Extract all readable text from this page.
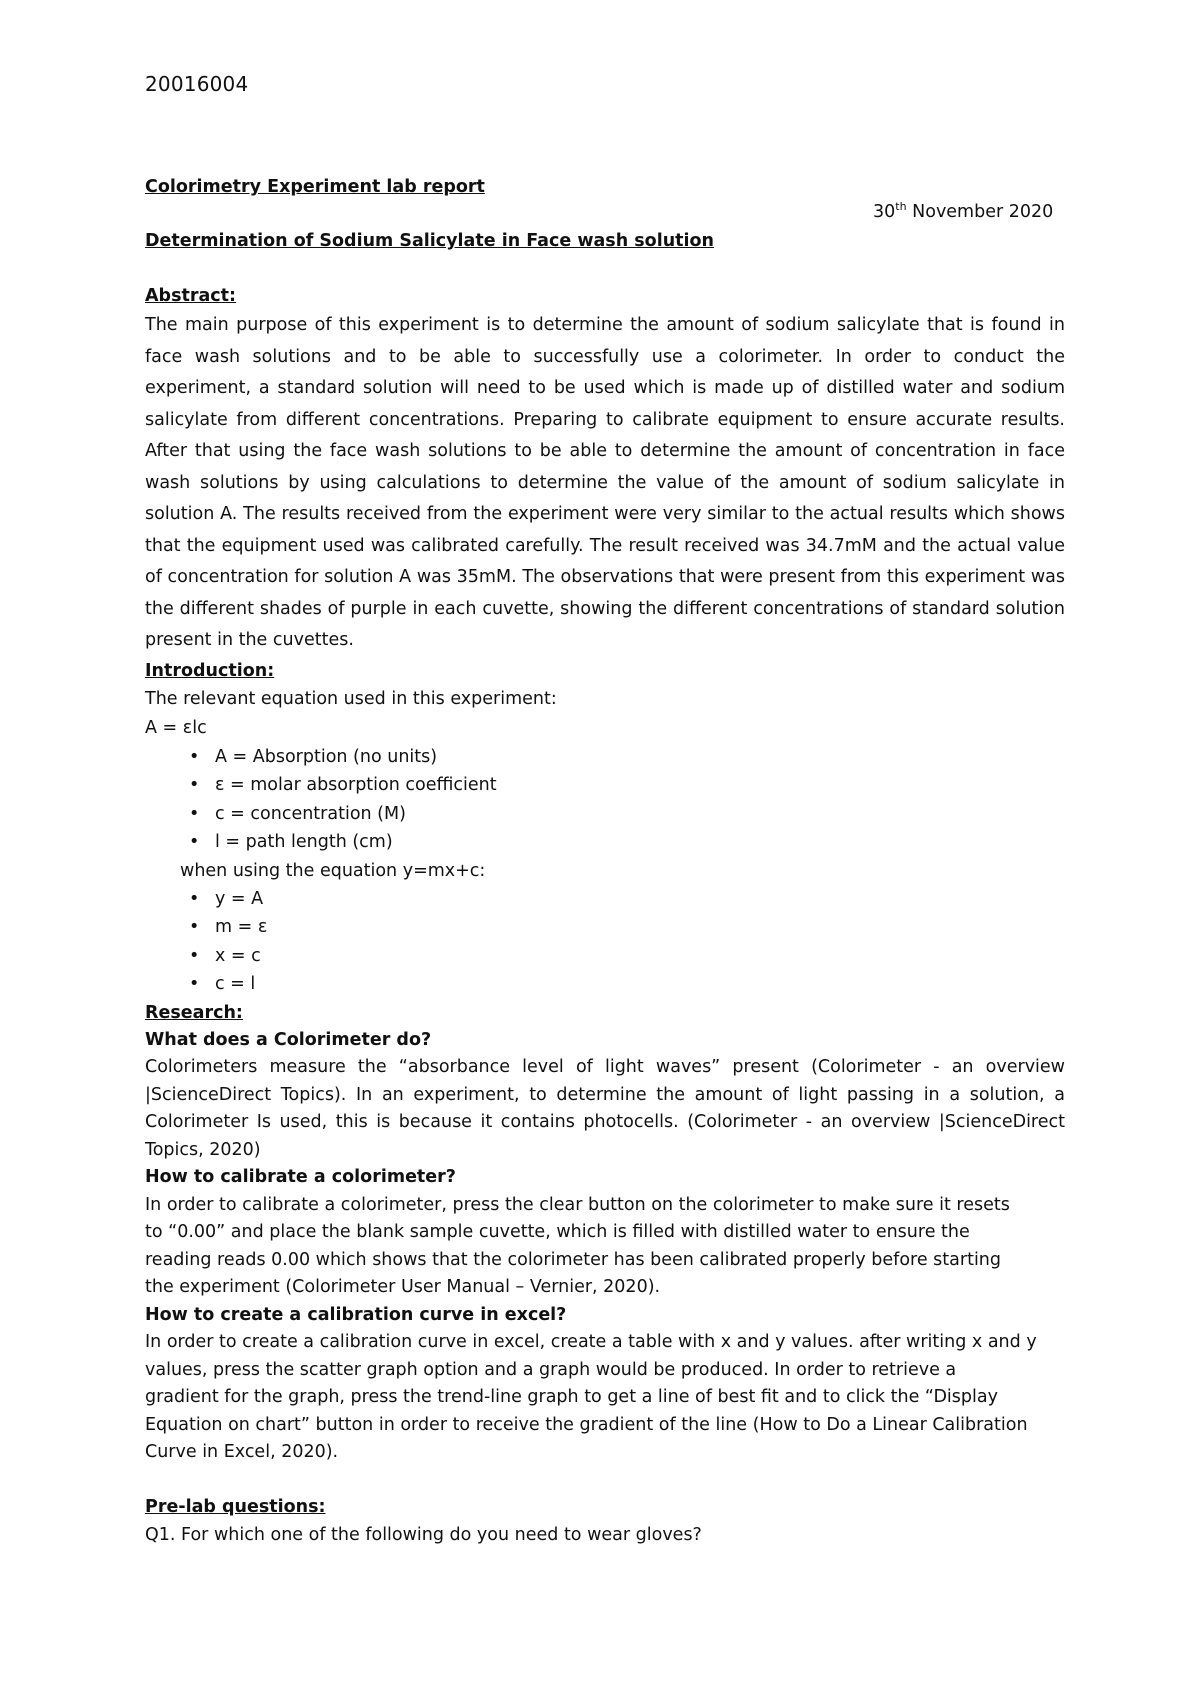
20016004
30th November 2020
Colorimetry Experiment lab report
Determination of Sodium Salicylate in Face wash solution
Abstract:
The main purpose of this experiment is to determine the amount of sodium salicylate that is found in face wash solutions and to be able to successfully use a colorimeter. In order to conduct the experiment, a standard solution will need to be used which is made up of distilled water and sodium salicylate from different concentrations. Preparing to calibrate equipment to ensure accurate results. After that using the face wash solutions to be able to determine the amount of concentration in face wash solutions by using calculations to determine the value of the amount of sodium salicylate in solution A. The results received from the experiment were very similar to the actual results which shows that the equipment used was calibrated carefully. The result received was 34.7mM and the actual value of concentration for solution A was 35mM. The observations that were present from this experiment was the different shades of purple in each cuvette, showing the different concentrations of standard solution present in the cuvettes.
Introduction:
The relevant equation used in this experiment:
A = εlc
• A = Absorption (no units)
• ε = molar absorption coefficient
• c = concentration (M)
• l = path length (cm)
when using the equation y=mx+c:
• y = A
• m = ε
• x = c
• c = l
Research:
What does a Colorimeter do?
Colorimeters measure the “absorbance level of light waves” present (Colorimeter - an overview |ScienceDirect Topics). In an experiment, to determine the amount of light passing in a solution, a Colorimeter Is used, this is because it contains photocells. (Colorimeter - an overview |ScienceDirect Topics, 2020)
How to calibrate a colorimeter?
In order to calibrate a colorimeter, press the clear button on the colorimeter to make sure it resets
to “0.00” and place the blank sample cuvette, which is filled with distilled water to ensure the
reading reads 0.00 which shows that the colorimeter has been calibrated properly before starting
the experiment (Colorimeter User Manual – Vernier, 2020).
How to create a calibration curve in excel?
In order to create a calibration curve in excel, create a table with x and y values. after writing x and y
values, press the scatter graph option and a graph would be produced. In order to retrieve a
gradient for the graph, press the trend-line graph to get a line of best fit and to click the “Display
Equation on chart” button in order to receive the gradient of the line (How to Do a Linear Calibration
Curve in Excel, 2020).
Pre-lab questions:
Q1. For which one of the following do you need to wear gloves?
